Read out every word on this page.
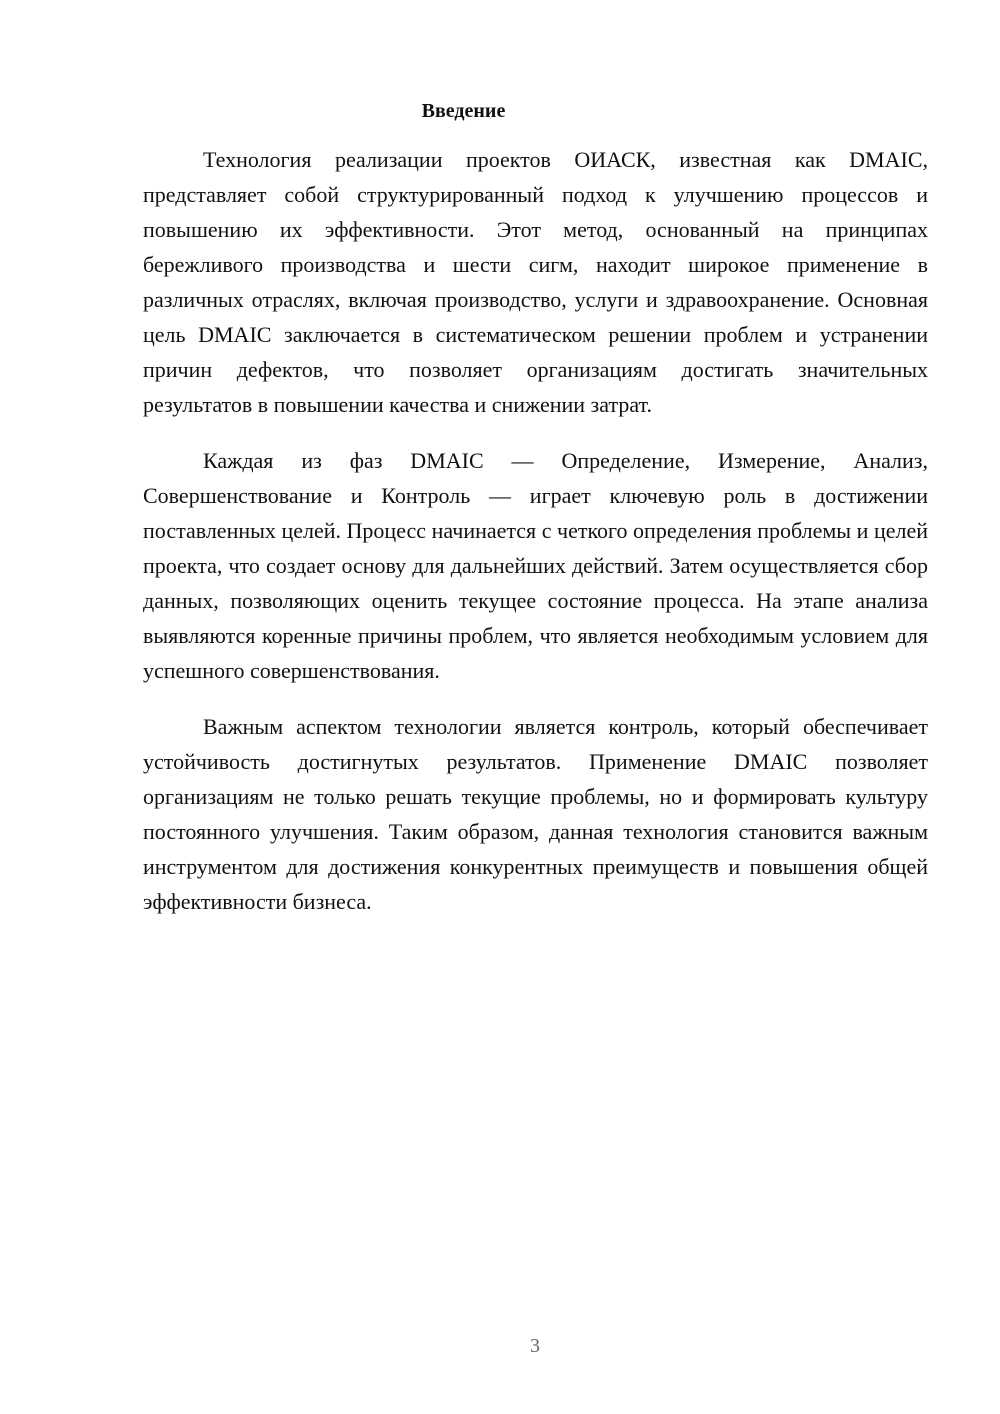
Введение

Технология реализации проектов ОИАСК, известная как DMAIC, представляет собой структурированный подход к улучшению процессов и повышению их эффективности. Этот метод, основанный на принципах бережливого производства и шести сигм, находит широкое применение в различных отраслях, включая производство, услуги и здравоохранение. Основная цель DMAIC заключается в систематическом решении проблем и устранении причин дефектов, что позволяет организациям достигать значительных результатов в повышении качества и снижении затрат.

Каждая из фаз DMAIC — Определение, Измерение, Анализ, Совершенствование и Контроль — играет ключевую роль в достижении поставленных целей. Процесс начинается с четкого определения проблемы и целей проекта, что создает основу для дальнейших действий. Затем осуществляется сбор данных, позволяющих оценить текущее состояние процесса. На этапе анализа выявляются коренные причины проблем, что является необходимым условием для успешного совершенствования.

Важным аспектом технологии является контроль, который обеспечивает устойчивость достигнутых результатов. Применение DMAIC позволяет организациям не только решать текущие проблемы, но и формировать культуру постоянного улучшения. Таким образом, данная технология становится важным инструментом для достижения конкурентных преимуществ и повышения общей эффективности бизнеса.

3
